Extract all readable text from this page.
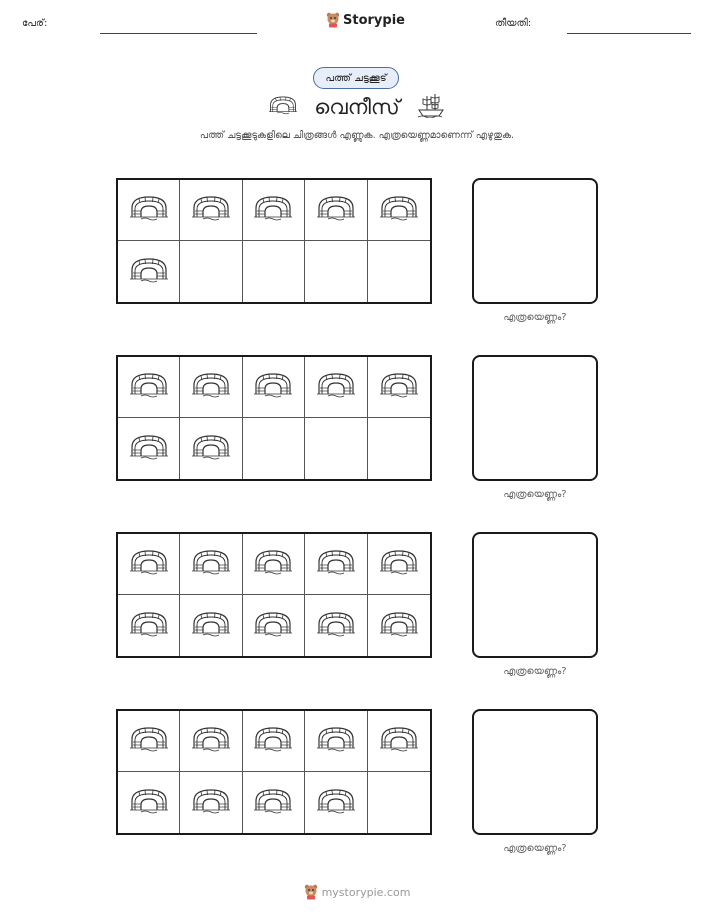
പേര്:	Storypie	തീയതി:
പത്ത് ചട്ടക്കൂട്
വെനീസ്
പത്ത് ചട്ടക്കൂടുകളിലെ ചിത്രങ്ങൾ എണ്ണുക. എത്രയെണ്ണമാണെന്ന് എഴുതുക.
എത്രയെണ്ണം?
എത്രയെണ്ണം?
എത്രയെണ്ണം?
എത്രയെണ്ണം?
mystorypie.com
